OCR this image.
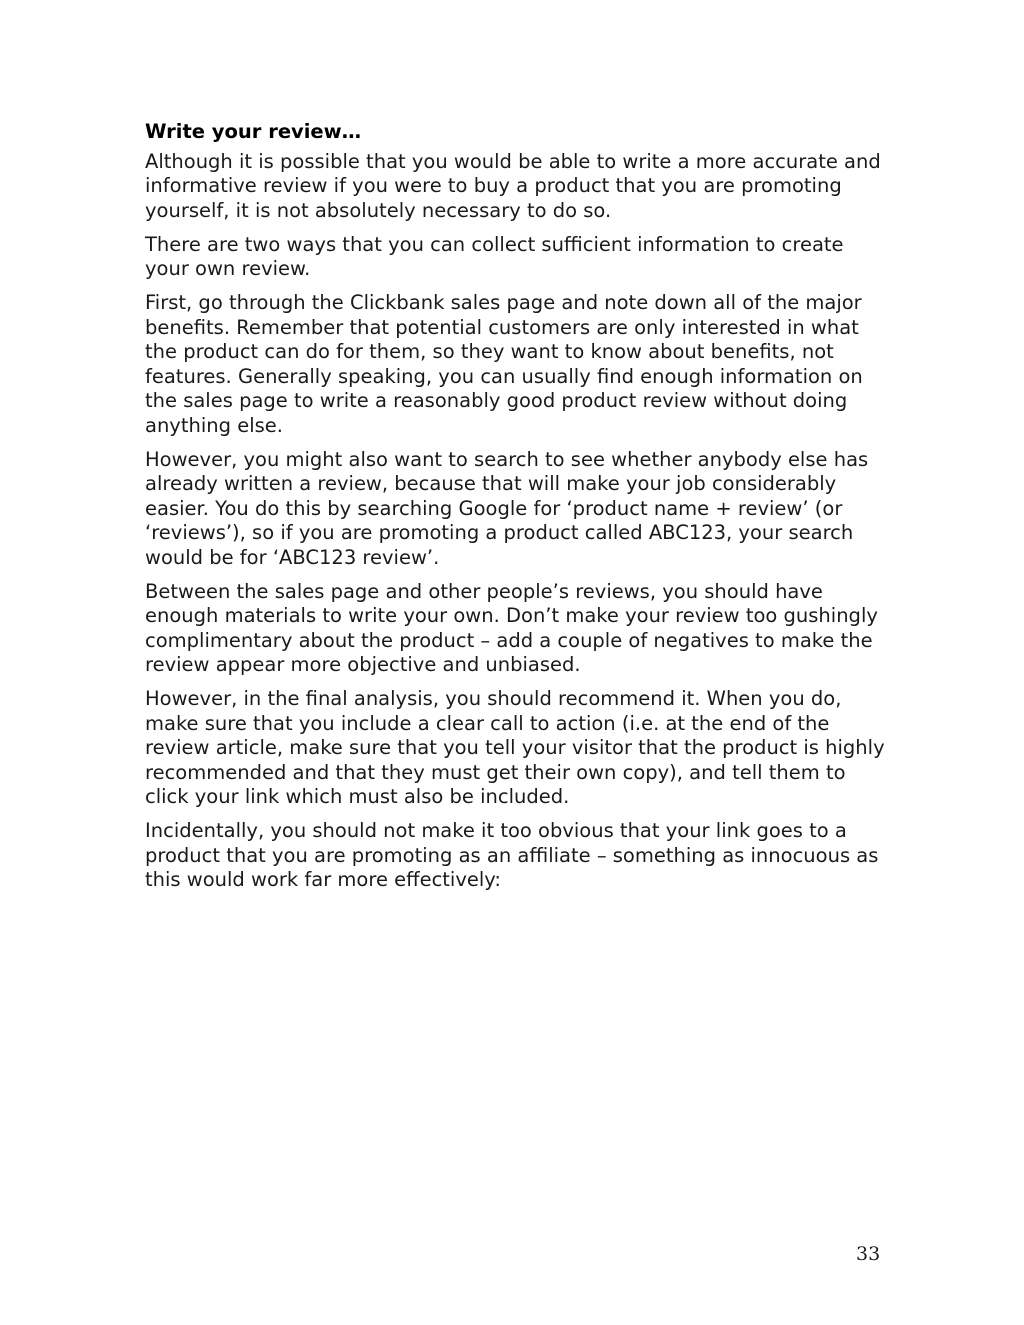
Write your review…

Although it is possible that you would be able to write a more accurate and informative review if you were to buy a product that you are promoting yourself, it is not absolutely necessary to do so.

There are two ways that you can collect sufficient information to create your own review.

First, go through the Clickbank sales page and note down all of the major benefits. Remember that potential customers are only interested in what the product can do for them, so they want to know about benefits, not features. Generally speaking, you can usually find enough information on the sales page to write a reasonably good product review without doing anything else.

However, you might also want to search to see whether anybody else has already written a review, because that will make your job considerably easier. You do this by searching Google for ‘product name + review’ (or ‘reviews’), so if you are promoting a product called ABC123, your search would be for ‘ABC123 review’.

Between the sales page and other people’s reviews, you should have enough materials to write your own. Don’t make your review too gushingly complimentary about the product – add a couple of negatives to make the review appear more objective and unbiased.

However, in the final analysis, you should recommend it. When you do, make sure that you include a clear call to action (i.e. at the end of the review article, make sure that you tell your visitor that the product is highly recommended and that they must get their own copy), and tell them to click your link which must also be included.

Incidentally, you should not make it too obvious that your link goes to a product that you are promoting as an affiliate – something as innocuous as this would work far more effectively:

33
